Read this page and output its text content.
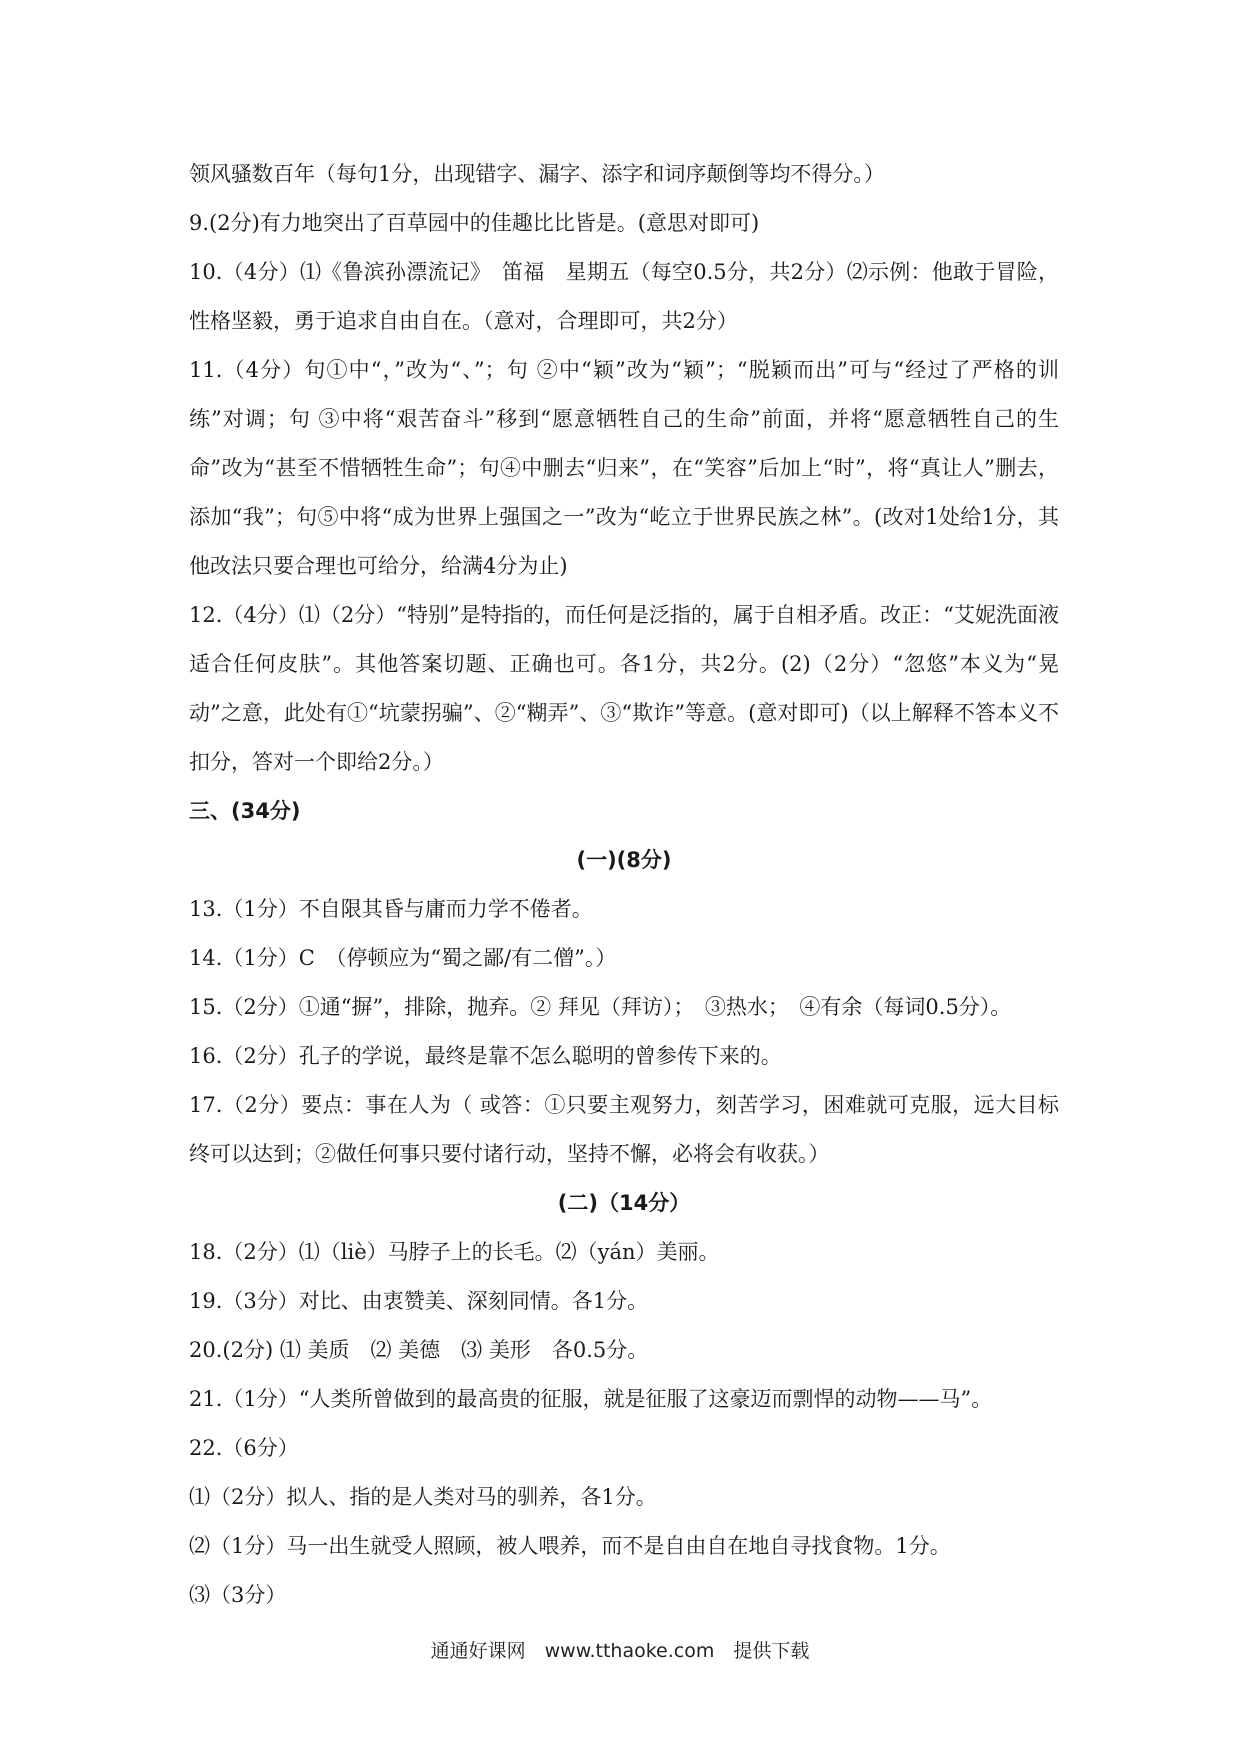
领风骚数百年（每句1分，出现错字、漏字、添字和词序颠倒等均不得分。）

9.(2分)有力地突出了百草园中的佳趣比比皆是。(意思对即可)

10.（4分）⑴《鲁滨孙漂流记》　笛福　星期五（每空0.5分，共2分）⑵示例：他敢于冒险，性格坚毅，勇于追求自由自在。（意对，合理即可，共2分）

11.（4分）句①中“，”改为“、”；句 ②中“颖”改为“颖”；“脱颖而出”可与“经过了严格的训练”对调；句 ③中将“艰苦奋斗”移到“愿意牺牲自己的生命”前面，并将“愿意牺牲自己的生命”改为“甚至不惜牺牲生命”；句④中删去“归来”，在“笑容”后加上“时”，将“真让人”删去，添加“我”；句⑤中将“成为世界上强国之一”改为“屹立于世界民族之林”。(改对1处给1分，其他改法只要合理也可给分，给满4分为止)

12.（4分）⑴（2分）“特别”是特指的，而任何是泛指的，属于自相矛盾。改正：“艾妮洗面液适合任何皮肤”。其他答案切题、正确也可。各1分，共2分。(2)（2分）“忽悠”本义为“晃动”之意，此处有①“坑蒙拐骗”、②“糊弄”、③“欺诈”等意。(意对即可)（以上解释不答本义不扣分，答对一个即给2分。）

三、(34分)

(一)(8分)

13.（1分）不自限其昏与庸而力学不倦者。

14.（1分）C　（停顿应为“蜀之鄙/有二僧”。）

15.（2分）①通“摒”，排除，抛弃。② 拜见（拜访）；　③热水；　④有余（每词0.5分）。

16.（2分）孔子的学说，最终是靠不怎么聪明的曾参传下来的。

17.（2分）要点：事在人为（ 或答：①只要主观努力，刻苦学习，困难就可克服，远大目标终可以达到；②做任何事只要付诸行动，坚持不懈，必将会有收获。）

(二)（14分）

18.（2分）⑴（liè）马脖子上的长毛。⑵（yán）美丽。

19.（3分）对比、由衷赞美、深刻同情。各1分。

20.(2分) ⑴ 美质　⑵ 美德　⑶ 美形　各0.5分。

21.（1分）“人类所曾做到的最高贵的征服，就是征服了这豪迈而剽悍的动物——马”。

22.（6分）

⑴（2分）拟人、指的是人类对马的驯养，各1分。

⑵（1分）马一出生就受人照顾，被人喂养，而不是自由自在地自寻找食物。1分。

⑶（3分）

通通好课网　www.tthaoke.com　提供下载
